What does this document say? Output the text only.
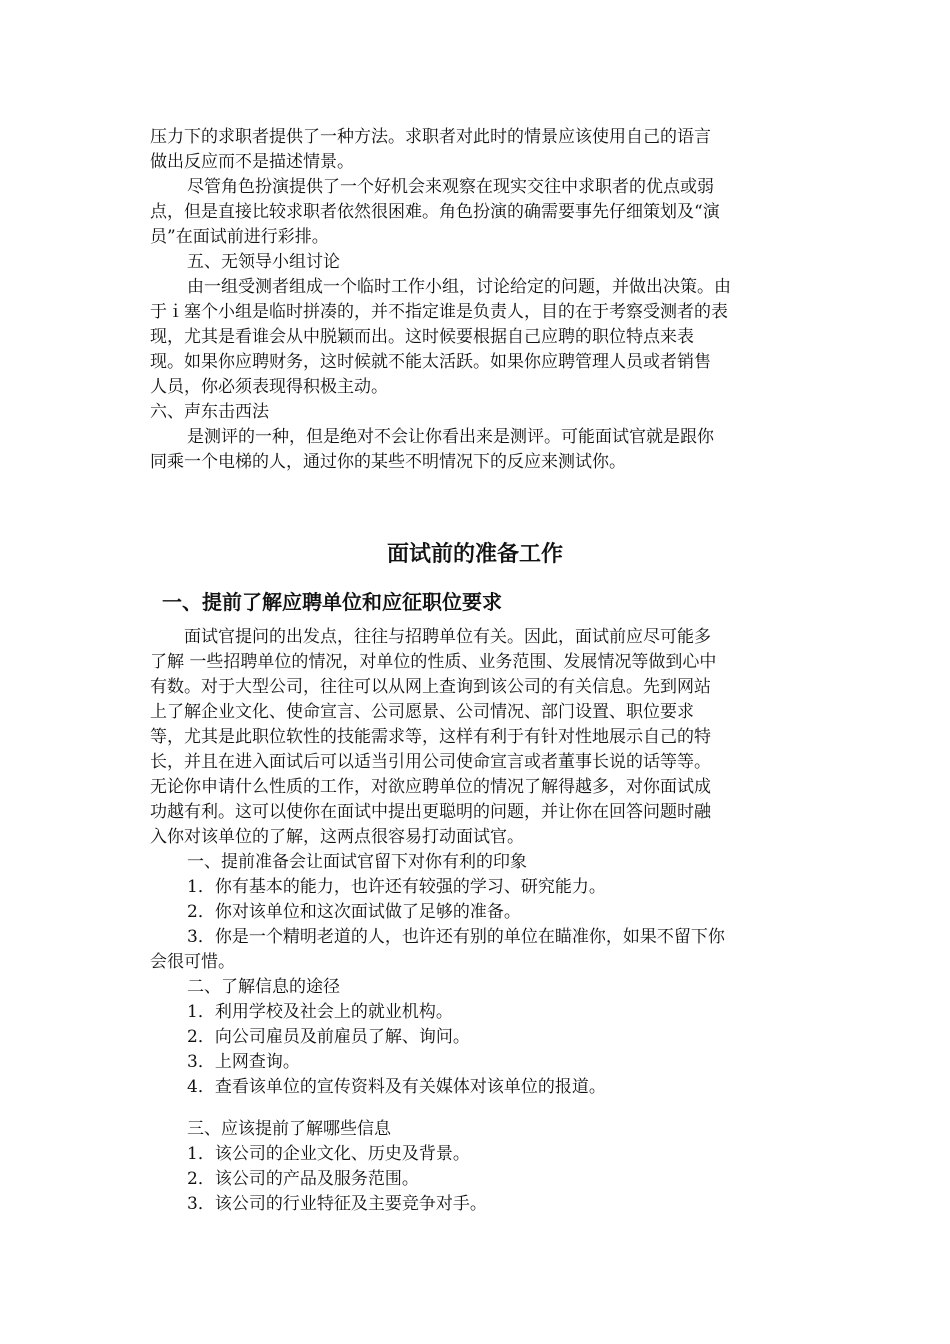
压力下的求职者提供了一种方法。求职者对此时的情景应该使用自己的语言
做出反应而不是描述情景。
尽管角色扮演提供了一个好机会来观察在现实交往中求职者的优点或弱
点，但是直接比较求职者依然很困难。角色扮演的确需要事先仔细策划及“演
员”在面试前进行彩排。
五、无领导小组讨论
由一组受测者组成一个临时工作小组，讨论给定的问题，并做出决策。由
于ｉ塞个小组是临时拼凑的，并不指定谁是负责人，目的在于考察受测者的表
现，尤其是看谁会从中脱颖而出。这时候要根据自己应聘的职位特点来表
现。如果你应聘财务，这时候就不能太活跃。如果你应聘管理人员或者销售
人员，你必须表现得积极主动。
六、声东击西法
是测评的一种，但是绝对不会让你看出来是测评。可能面试官就是跟你
同乘一个电梯的人，通过你的某些不明情况下的反应来测试你。
面试前的准备工作
一、提前了解应聘单位和应征职位要求
面试官提问的出发点，往往与招聘单位有关。因此，面试前应尽可能多
了解 一些招聘单位的情况，对单位的性质、业务范围、发展情况等做到心中
有数。对于大型公司，往往可以从网上查询到该公司的有关信息。先到网站
上了解企业文化、使命宣言、公司愿景、公司情况、部门设置、职位要求
等，尤其是此职位软性的技能需求等，这样有利于有针对性地展示自己的特
长，并且在进入面试后可以适当引用公司使命宣言或者董事长说的话等等。
无论你申请什么性质的工作，对欲应聘单位的情况了解得越多，对你面试成
功越有利。这可以使你在面试中提出更聪明的问题，并让你在回答问题时融
入你对该单位的了解，这两点很容易打动面试官。
一、提前准备会让面试官留下对你有利的印象
1．你有基本的能力，也许还有较强的学习、研究能力。
2．你对该单位和这次面试做了足够的准备。
3．你是一个精明老道的人，也许还有别的单位在瞄准你，如果不留下你
会很可惜。
二、了解信息的途径
1．利用学校及社会上的就业机构。
2．向公司雇员及前雇员了解、询问。
3．上网查询。
4．查看该单位的宣传资料及有关媒体对该单位的报道。
三、应该提前了解哪些信息
1．该公司的企业文化、历史及背景。
2．该公司的产品及服务范围。
3．该公司的行业特征及主要竞争对手。
